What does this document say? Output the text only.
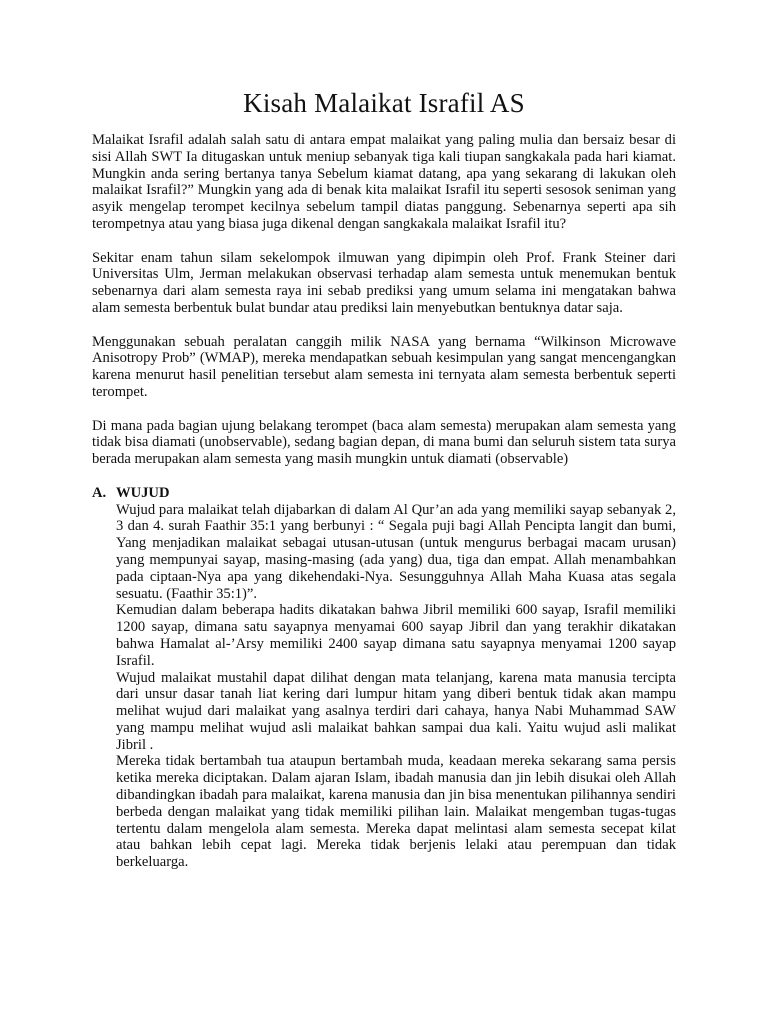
Kisah Malaikat Israfil AS

Malaikat Israfil adalah salah satu di antara empat malaikat yang paling mulia dan bersaiz besar di sisi Allah SWT Ia ditugaskan untuk meniup sebanyak tiga kali tiupan sangkakala pada hari kiamat. Mungkin anda sering bertanya tanya Sebelum kiamat datang, apa yang sekarang di lakukan oleh malaikat Israfil?” Mungkin yang ada di benak kita malaikat Israfil itu seperti sesosok seniman yang asyik mengelap terompet kecilnya sebelum tampil diatas panggung. Sebenarnya seperti apa sih terompetnya atau yang biasa juga dikenal dengan sangkakala malaikat Israfil itu?

Sekitar enam tahun silam sekelompok ilmuwan yang dipimpin oleh Prof. Frank Steiner dari Universitas Ulm, Jerman melakukan observasi terhadap alam semesta untuk menemukan bentuk sebenarnya dari alam semesta raya ini sebab prediksi yang umum selama ini mengatakan bahwa alam semesta berbentuk bulat bundar atau prediksi lain menyebutkan bentuknya datar saja.

Menggunakan sebuah peralatan canggih milik NASA yang bernama “Wilkinson Microwave Anisotropy Prob” (WMAP), mereka mendapatkan sebuah kesimpulan yang sangat mencengangkan karena menurut hasil penelitian tersebut alam semesta ini ternyata alam semesta berbentuk seperti terompet.

Di mana pada bagian ujung belakang terompet (baca alam semesta) merupakan alam semesta yang tidak bisa diamati (unobservable), sedang bagian depan, di mana bumi dan seluruh sistem tata surya berada merupakan alam semesta yang masih mungkin untuk diamati (observable)

A. WUJUD

Wujud para malaikat telah dijabarkan di dalam Al Qur’an ada yang memiliki sayap sebanyak 2, 3 dan 4. surah Faathir 35:1 yang berbunyi : “ Segala puji bagi Allah Pencipta langit dan bumi, Yang menjadikan malaikat sebagai utusan-utusan (untuk mengurus berbagai macam urusan) yang mempunyai sayap, masing-masing (ada yang) dua, tiga dan empat. Allah menambahkan pada ciptaan-Nya apa yang dikehendaki-Nya. Sesungguhnya Allah Maha Kuasa atas segala sesuatu. (Faathir 35:1)”.

Kemudian dalam beberapa hadits dikatakan bahwa Jibril memiliki 600 sayap, Israfil memiliki 1200 sayap, dimana satu sayapnya menyamai 600 sayap Jibril dan yang terakhir dikatakan bahwa Hamalat al-’Arsy memiliki 2400 sayap dimana satu sayapnya menyamai 1200 sayap Israfil.

Wujud malaikat mustahil dapat dilihat dengan mata telanjang, karena mata manusia tercipta dari unsur dasar tanah liat kering dari lumpur hitam yang diberi bentuk tidak akan mampu melihat wujud dari malaikat yang asalnya terdiri dari cahaya, hanya Nabi Muhammad SAW yang mampu melihat wujud asli malaikat bahkan sampai dua kali. Yaitu wujud asli malikat Jibril .

Mereka tidak bertambah tua ataupun bertambah muda, keadaan mereka sekarang sama persis ketika mereka diciptakan. Dalam ajaran Islam, ibadah manusia dan jin lebih disukai oleh Allah dibandingkan ibadah para malaikat, karena manusia dan jin bisa menentukan pilihannya sendiri berbeda dengan malaikat yang tidak memiliki pilihan lain. Malaikat mengemban tugas-tugas tertentu dalam mengelola alam semesta. Mereka dapat melintasi alam semesta secepat kilat atau bahkan lebih cepat lagi. Mereka tidak berjenis lelaki atau perempuan dan tidak berkeluarga.
